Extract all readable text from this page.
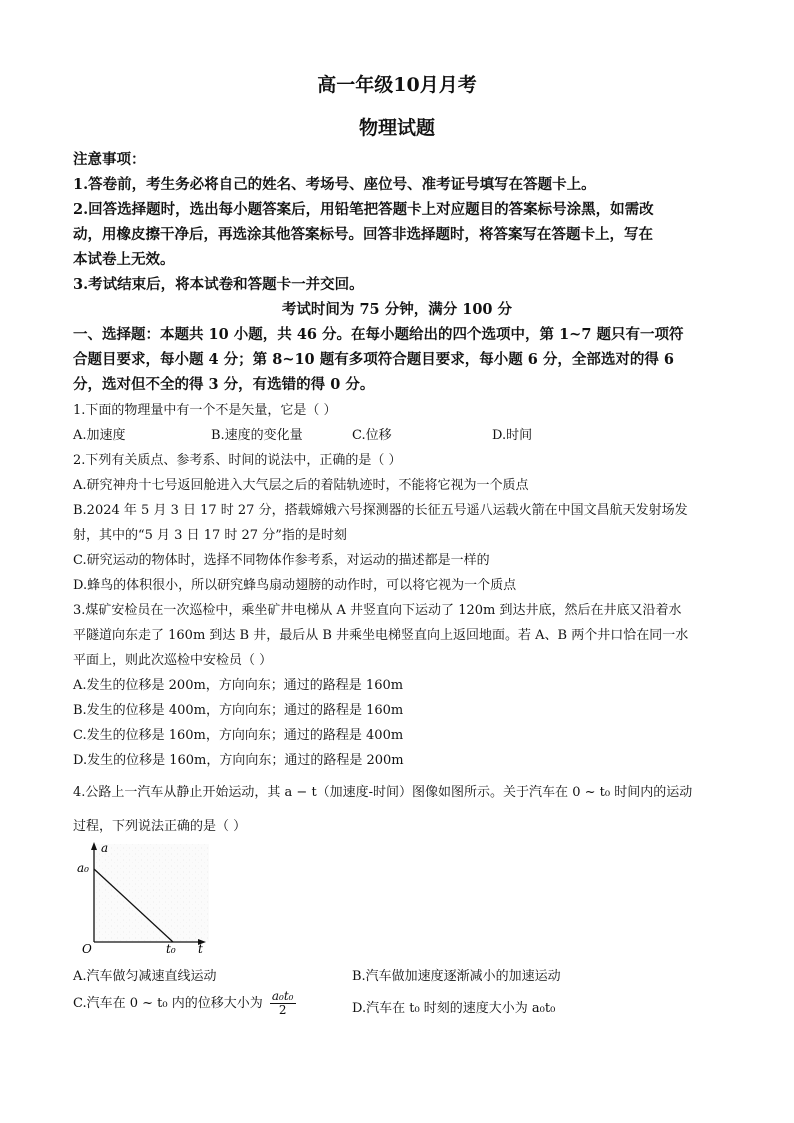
高一年级10月月考
物理试题
注意事项：
1.答卷前，考生务必将自己的姓名、考场号、座位号、准考证号填写在答题卡上。
2.回答选择题时，选出每小题答案后，用铅笔把答题卡上对应题目的答案标号涂黑，如需改
动，用橡皮擦干净后，再选涂其他答案标号。回答非选择题时，将答案写在答题卡上，写在
本试卷上无效。
3.考试结束后，将本试卷和答题卡一并交回。
考试时间为 75 分钟，满分 100 分
一、选择题：本题共 10 小题，共 46 分。在每小题给出的四个选项中，第 1~7 题只有一项符
合题目要求，每小题 4 分；第 8~10 题有多项符合题目要求，每小题 6 分，全部选对的得 6
分，选对但不全的得 3 分，有选错的得 0 分。
1.下面的物理量中有一个不是矢量，它是（ ）
A.加速度	B.速度的变化量	C.位移	D.时间
2.下列有关质点、参考系、时间的说法中，正确的是（ ）
A.研究神舟十七号返回舱进入大气层之后的着陆轨迹时，不能将它视为一个质点
B.2024 年 5 月 3 日 17 时 27 分，搭载嫦娥六号探测器的长征五号遥八运载火箭在中国文昌航天发射场发
射，其中的“5 月 3 日 17 时 27 分”指的是时刻
C.研究运动的物体时，选择不同物体作参考系，对运动的描述都是一样的
D.蜂鸟的体积很小，所以研究蜂鸟扇动翅膀的动作时，可以将它视为一个质点
3.煤矿安检员在一次巡检中，乘坐矿井电梯从 A 井竖直向下运动了 120m 到达井底，然后在井底又沿着水
平隧道向东走了 160m 到达 B 井，最后从 B 井乘坐电梯竖直向上返回地面。若 A、B 两个井口恰在同一水
平面上，则此次巡检中安检员（ ）
A.发生的位移是 200m，方向向东；通过的路程是 160m
B.发生的位移是 400m，方向向东；通过的路程是 160m
C.发生的位移是 160m，方向向东；通过的路程是 400m
D.发生的位移是 160m，方向向东；通过的路程是 200m
4.公路上一汽车从静止开始运动，其 a − t（加速度-时间）图像如图所示。关于汽车在 0 ~ t₀ 时间内的运动
过程，下列说法正确的是（ ）
a
a₀
O	t₀ t
A.汽车做匀减速直线运动	B.汽车做加速度逐渐减小的加速运动
C.汽车在 0 ~ t₀ 内的位移大小为 $\frac{\text{a₀t₀}}{2}$	D.汽车在 t₀ 时刻的速度大小为 a₀t₀
